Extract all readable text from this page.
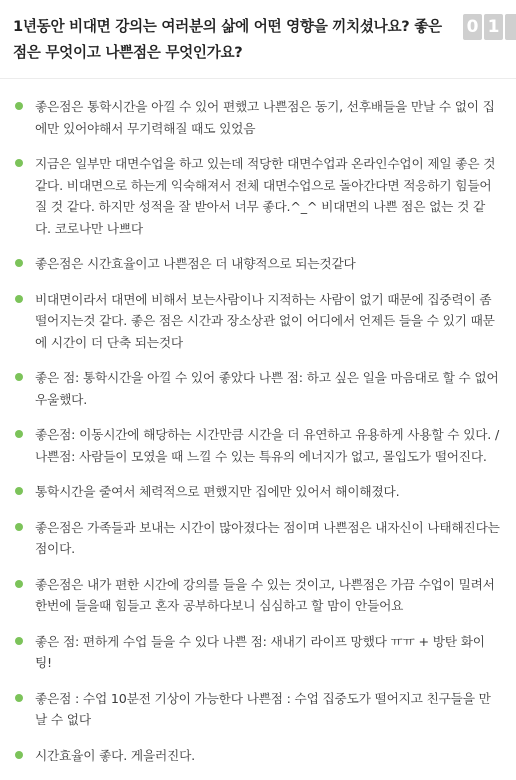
1년동안 비대면 강의는 여러분의 삶에 어떤 영향을 끼치셨나요? 좋은점은 무엇이고 나쁜점은 무엇인가요?
0 1
좋은점은 통학시간을 아낄 수 있어 편했고 나쁜점은 동기, 선후배들을 만날 수 없이 집에만 있어야해서 무기력해질 때도 있었음
지금은 일부만 대면수업을 하고 있는데 적당한 대면수업과 온라인수업이 제일 좋은 것 같다. 비대면으로 하는게 익숙해져서 전체 대면수업으로 돌아간다면 적응하기 힘들어질 것 같다. 하지만 성적을 잘 받아서 너무 좋다.^_^ 비대면의 나쁜 점은 없는 것 같다. 코로나만 나쁘다
좋은점은 시간효율이고 나쁜점은 더 내향적으로 되는것같다
비대면이라서 대면에 비해서 보는사람이나 지적하는 사람이 없기 때문에 집중력이 좀 떨어지는것 같다. 좋은 점은 시간과 장소상관 없이 어디에서 언제든 들을 수 있기 때문에 시간이 더 단축 되는것다
좋은 점: 통학시간을 아낄 수 있어 좋았다 나쁜 점: 하고 싶은 일을 마음대로 할 수 없어 우울했다.
좋은점: 이동시간에 해당하는 시간만큼 시간을 더 유연하고 유용하게 사용할 수 있다. / 나쁜점: 사람들이 모였을 때 느낄 수 있는 특유의 에너지가 없고, 몰입도가 떨어진다.
통학시간을 줄여서 체력적으로 편했지만 집에만 있어서 해이해졌다.
좋은점은 가족들과 보내는 시간이 많아졌다는 점이며 나쁜점은 내자신이 나태해진다는 점이다.
좋은점은 내가 편한 시간에 강의를 들을 수 있는 것이고, 나쁜점은 가끔 수업이 밀려서 한번에 들을때 힘들고 혼자 공부하다보니 심심하고 할 맘이 안들어요
좋은 점: 편하게 수업 들을 수 있다 나쁜 점: 새내기 라이프 망했다 ㅠㅠ + 방탄 화이팅!
좋은점 : 수업 10분전 기상이 가능한다 나쁜점 : 수업 집중도가 떨어지고 친구들을 만날 수 없다
시간효율이 좋다. 게을러진다.
